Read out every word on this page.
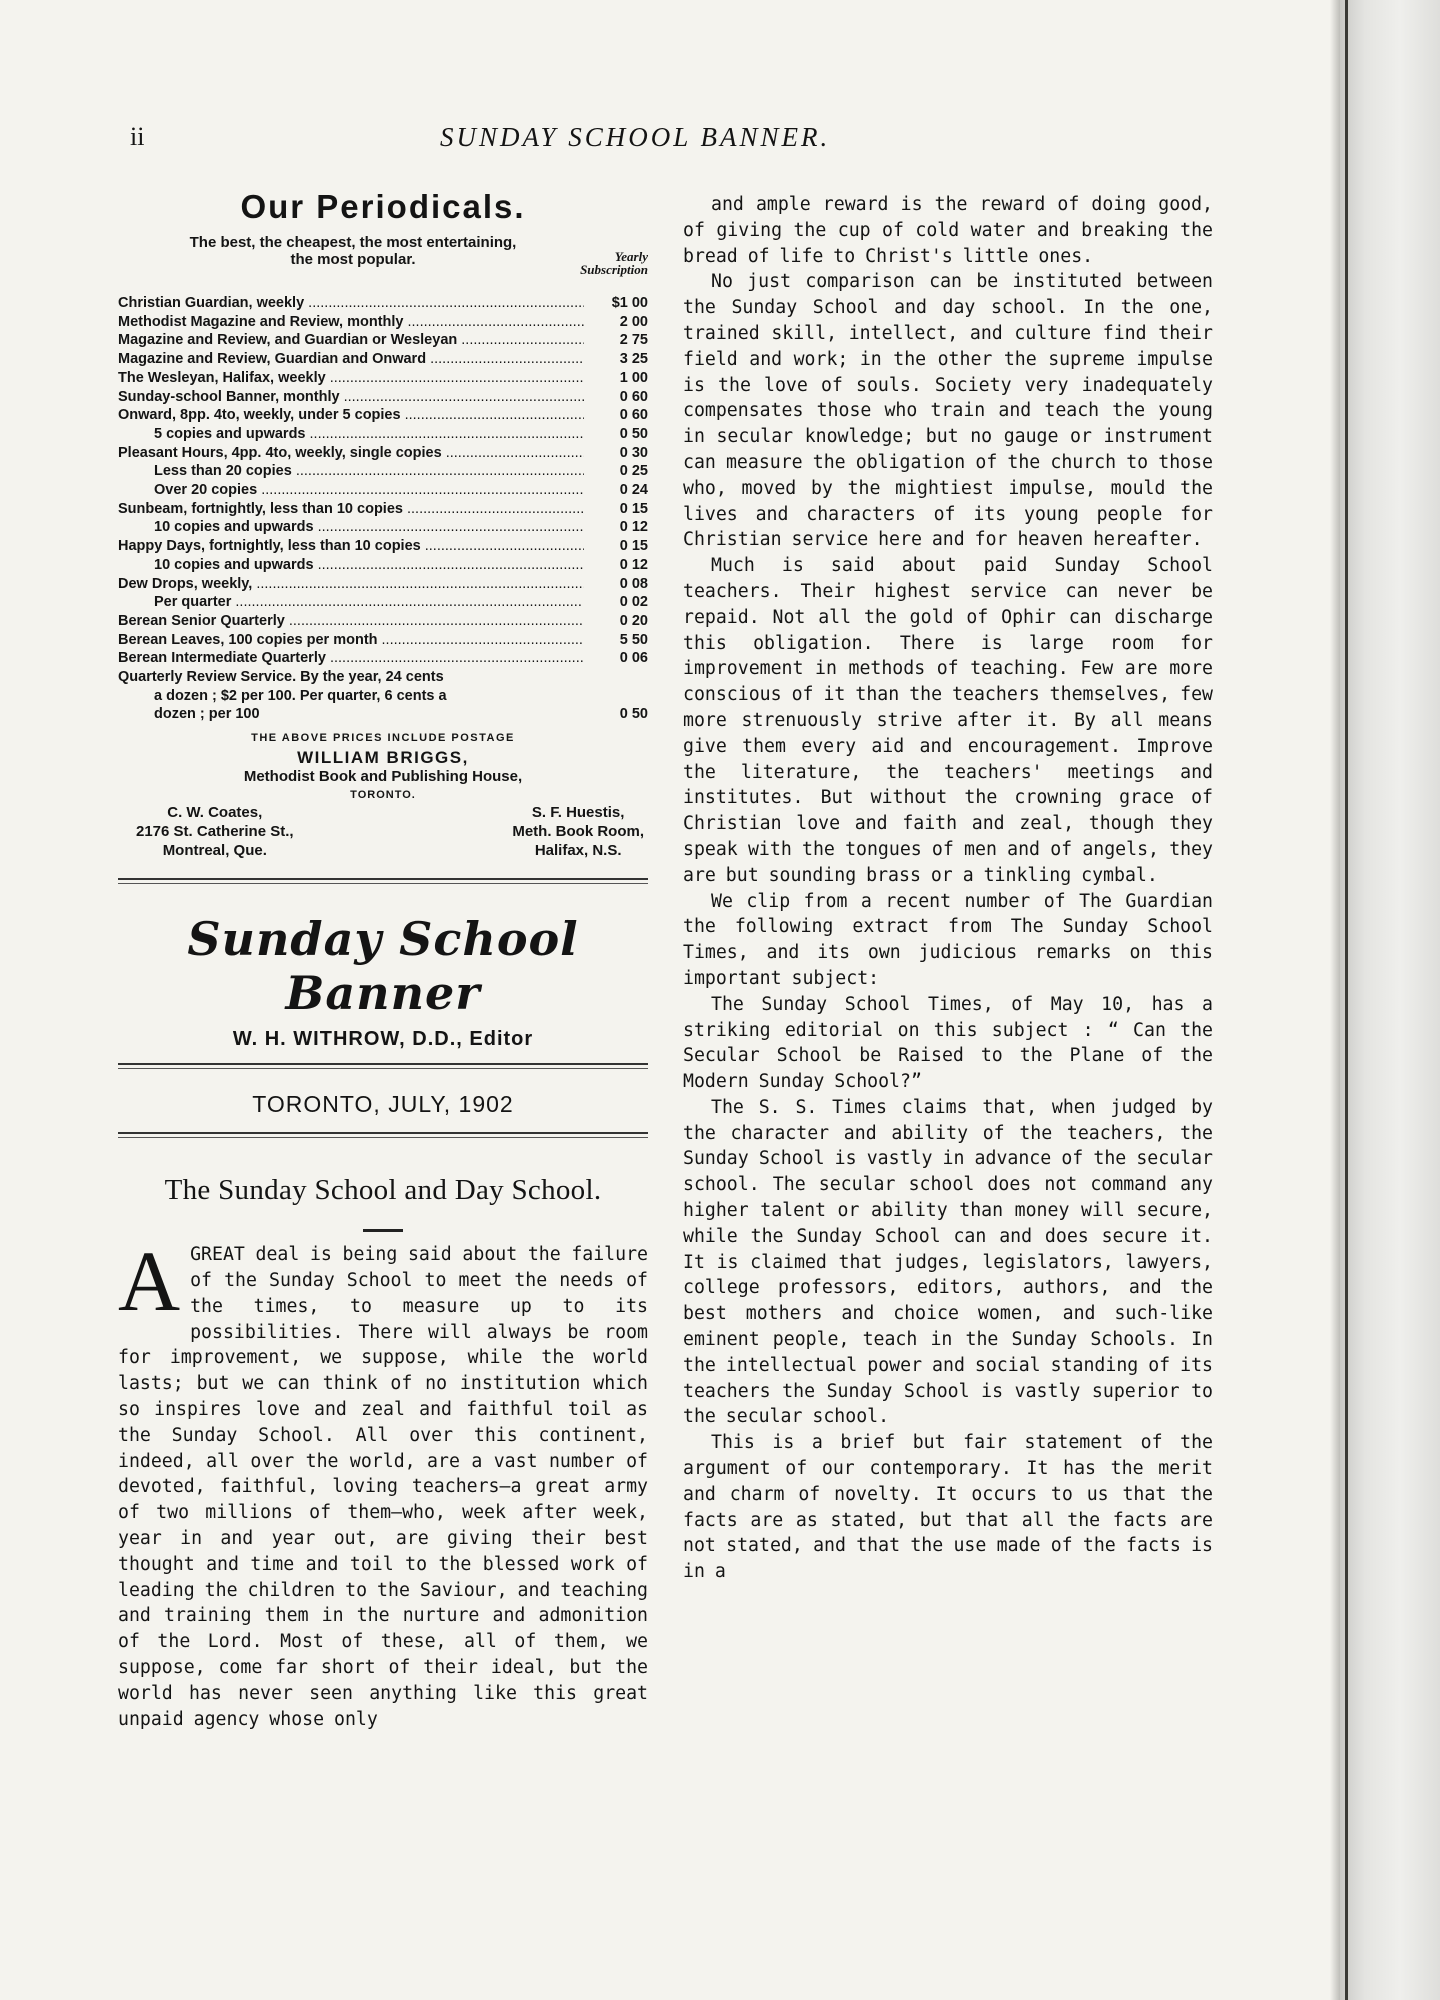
ii	SUNDAY SCHOOL BANNER.
Our Periodicals.
The best, the cheapest, the most entertaining,
the most popular.	Yearly
Subscription
Christian Guardian, weekly .....	$1 00
Methodist Magazine and Review, monthly .....	2 00
Magazine and Review, and Guardian or Wesleyan .....	2 75
Magazine and Review, Guardian and Onward .....	3 25
The Wesleyan, Halifax, weekly .....	1 00
Sunday-school Banner, monthly .....	0 60
Onward, 8pp. 4to, weekly, under 5 copies .....	0 60
5 copies and upwards .....	0 50
Pleasant Hours, 4pp. 4to, weekly, single copies .....	0 30
Less than 20 copies .....	0 25
Over 20 copies .....	0 24
Sunbeam, fortnightly, less than 10 copies .....	0 15
10 copies and upwards .....	0 12
Happy Days, fortnightly, less than 10 copies .....	0 15
10 copies and upwards .....	0 12
Dew Drops, weekly, .....	0 08
Per quarter .....	0 02
Berean Senior Quarterly .....	0 20
Berean Leaves, 100 copies per month .....	5 50
Berean Intermediate Quarterly .....	0 06
Quarterly Review Service. By the year, 24 cents
a dozen ; $2 per 100. Per quarter, 6 cents a
dozen ; per 100	0 50
THE ABOVE PRICES INCLUDE POSTAGE
WILLIAM BRIGGS,
Methodist Book and Publishing House,
TORONTO.
C. W. Coates,
2176 St. Catherine St.,
Montreal, Que.
S. F. Huestis,
Meth. Book Room,
Halifax, N.S.
Sunday School Banner
W. H. WITHROW, D.D., Editor
TORONTO, JULY, 1902
The Sunday School and Day School.
A GREAT deal is being said about the failure of the Sunday School to meet the needs of the times, to measure up to its possibilities. There will always be room for improvement, we suppose, while the world lasts; but we can think of no institution which so inspires love and zeal and faithful toil as the Sunday School. All over this continent, indeed, all over the world, are a vast number of devoted, faithful, loving teachers—a great army of two millions of them—who, week after week, year in and year out, are giving their best thought and time and toil to the blessed work of leading the children to the Saviour, and teaching and training them in the nurture and admonition of the Lord. Most of these, all of them, we suppose, come far short of their ideal, but the world has never seen anything like this great unpaid agency whose only

and ample reward is the reward of doing good, of giving the cup of cold water and breaking the bread of life to Christ's little ones.

No just comparison can be instituted between the Sunday School and day school. In the one, trained skill, intellect, and culture find their field and work; in the other the supreme impulse is the love of souls. Society very inadequately compensates those who train and teach the young in secular knowledge; but no gauge or instrument can measure the obligation of the church to those who, moved by the mightiest impulse, mould the lives and characters of its young people for Christian service here and for heaven hereafter.

Much is said about paid Sunday School teachers. Their highest service can never be repaid. Not all the gold of Ophir can discharge this obligation. There is large room for improvement in methods of teaching. Few are more conscious of it than the teachers themselves, few more strenuously strive after it. By all means give them every aid and encouragement. Improve the literature, the teachers' meetings and institutes. But without the crowning grace of Christian love and faith and zeal, though they speak with the tongues of men and of angels, they are but sounding brass or a tinkling cymbal.

We clip from a recent number of The Guardian the following extract from The Sunday School Times, and its own judicious remarks on this important subject:

The Sunday School Times, of May 10, has a striking editorial on this subject : “ Can the Secular School be Raised to the Plane of the Modern Sunday School?”

The S. S. Times claims that, when judged by the character and ability of the teachers, the Sunday School is vastly in advance of the secular school. The secular school does not command any higher talent or ability than money will secure, while the Sunday School can and does secure it. It is claimed that judges, legislators, lawyers, college professors, editors, authors, and the best mothers and choice women, and such-like eminent people, teach in the Sunday Schools. In the intellectual power and social standing of its teachers the Sunday School is vastly superior to the secular school.

This is a brief but fair statement of the argument of our contemporary. It has the merit and charm of novelty. It occurs to us that the facts are as stated, but that all the facts are not stated, and that the use made of the facts is in a
